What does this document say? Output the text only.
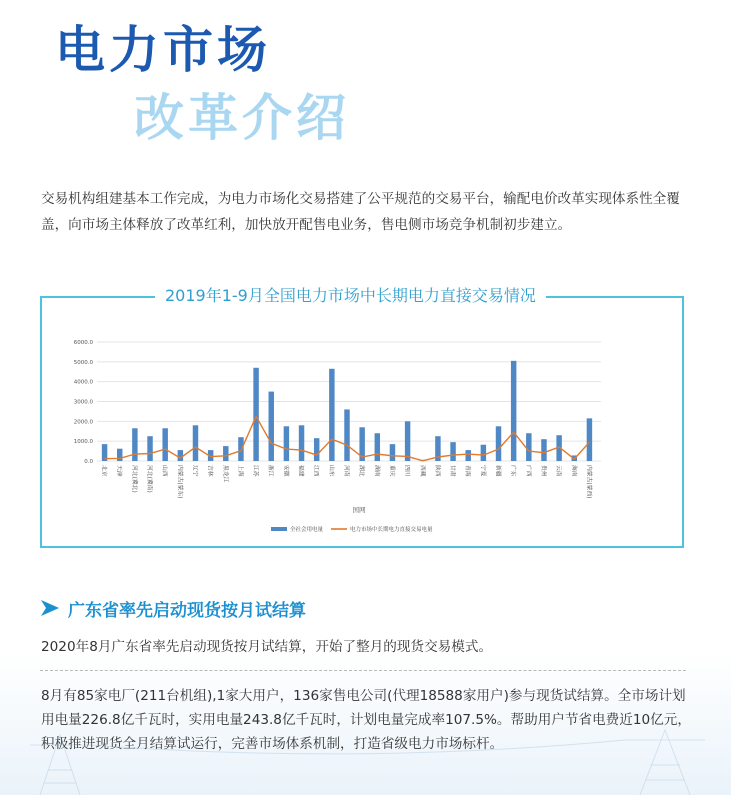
电力市场
改革介绍

交易机构组建基本工作完成，为电力市场化交易搭建了公平规范的交易平台，输配电价改革实现体系性全覆盖，向市场主体释放了改革红利，加快放开配售电业务，售电侧市场竞争机制初步建立。

2019年1-9月全国电力市场中长期电力直接交易情况
0.0
1000.0
2000.0
3000.0
4000.0
5000.0
6000.0
北京	天津	河北(冀北)	河北(冀南)	山西	内蒙古(蒙东)	辽宁	吉林	黑龙江	上海	江苏	浙江	安徽	福建	江西	山东	河南	湖北	湖南	重庆	四川	西藏	陕西	甘肃	青海	宁夏	新疆	广东	广西	贵州	云南	海南	内蒙古(蒙西)
国网
全社会用电量	电力市场中长期电力直接交易电量
广东省率先启动现货按月试结算

2020年8月广东省率先启动现货按月试结算，开始了整月的现货交易模式。

8月有85家电厂(211台机组),1家大用户，136家售电公司(代理18588家用户)参与现货试结算。全市场计划用电量226.8亿千瓦时，实用电量243.8亿千瓦时，计划电量完成率107.5%。帮助用户节省电费近10亿元，积极推进现货全月结算试运行，完善市场体系机制，打造省级电力市场标杆。
